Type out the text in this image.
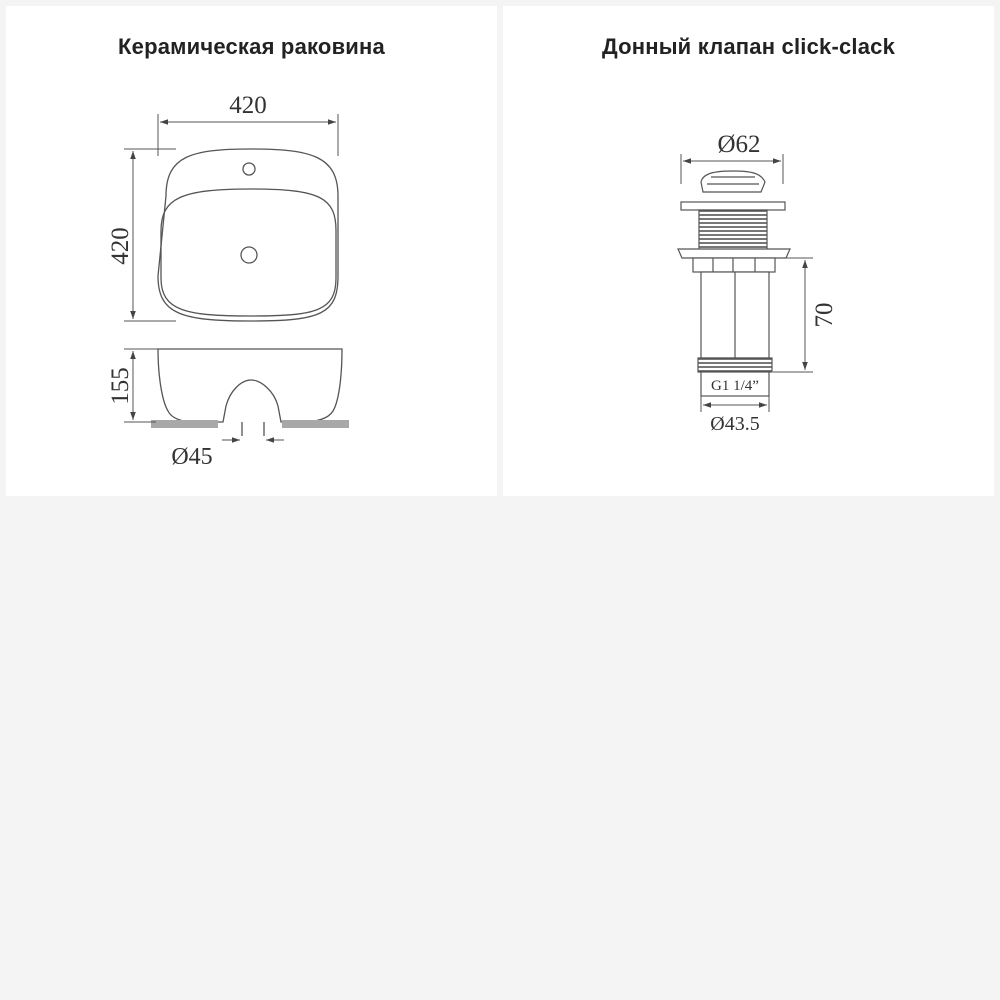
Керамическая раковина
420
420
155
Ø45
Донный клапан click-clack
Ø62
70
G1 1/4”
Ø43.5
